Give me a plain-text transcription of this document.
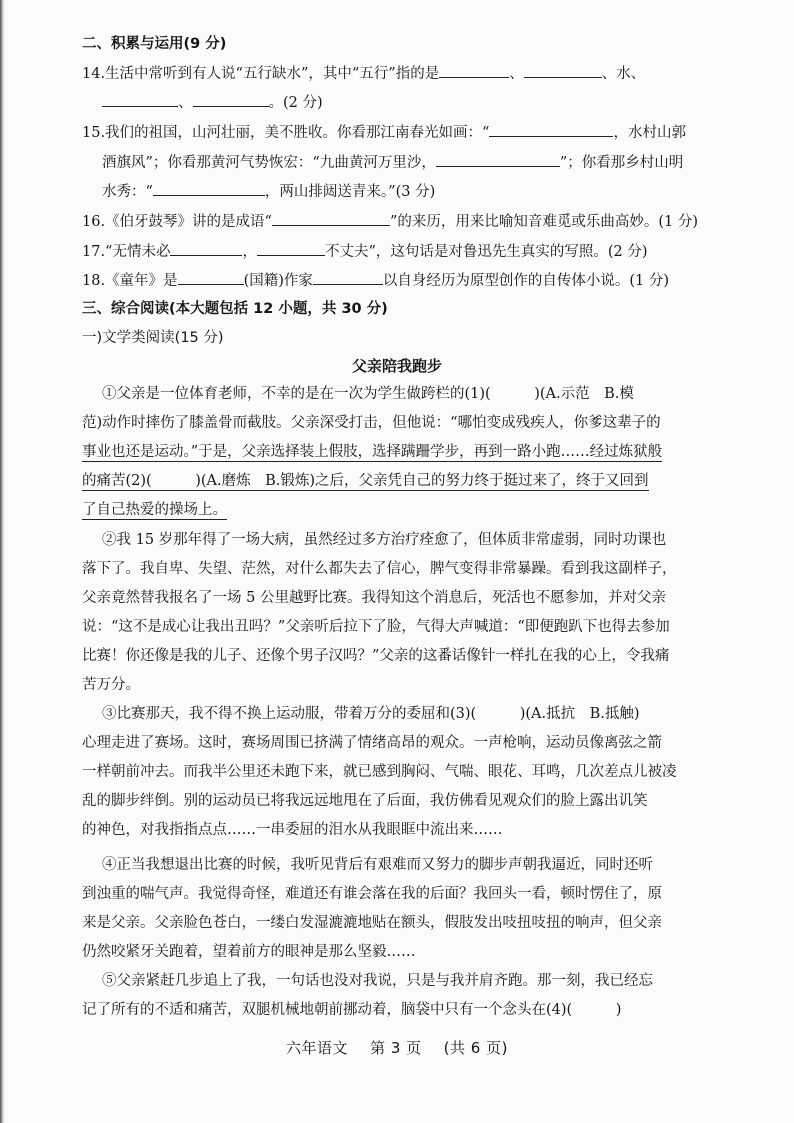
二、积累与运用(9 分)
14.生活中常听到有人说“五行缺水”，其中“五行”指的是	、	、水、
、	。(2 分)
15.我们的祖国，山河壮丽，美不胜收。你看那江南春光如画：“	，水村山郭
酒旗风”；你看那黄河气势恢宏：“九曲黄河万里沙，	”；你看那乡村山明
水秀：“	，两山排闼送青来。”(3 分)
16.《伯牙鼓琴》讲的是成语“	”的来历，用来比喻知音难觅或乐曲高妙。(1 分)
17.“无情未必	，	不丈夫”，这句话是对鲁迅先生真实的写照。(2 分)
18.《童年》是	(国籍)作家	以自身经历为原型创作的自传体小说。(1 分)
三、综合阅读(本大题包括 12 小题，共 30 分)
一)文学类阅读(15 分)
父亲陪我跑步
①父亲是一位体育老师，不幸的是在一次为学生做跨栏的(1)(　　　)(A.示范　B.模
范)动作时摔伤了膝盖骨而截肢。父亲深受打击，但他说：“哪怕变成残疾人，你爹这辈子的
事业也还是运动。”于是，父亲选择装上假肢，选择蹒跚学步，再到一路小跑……经过炼狱般
的痛苦(2)(　　　)(A.磨炼　B.锻炼)之后，父亲凭自己的努力终于挺过来了，终于又回到
了自己热爱的操场上。
②我 15 岁那年得了一场大病，虽然经过多方治疗痊愈了，但体质非常虚弱，同时功课也
落下了。我自卑、失望、茫然，对什么都失去了信心，脾气变得非常暴躁。看到我这副样子，
父亲竟然替我报名了一场 5 公里越野比赛。我得知这个消息后，死活也不愿参加，并对父亲
说：“这不是成心让我出丑吗？”父亲听后拉下了脸，气得大声喊道：“即便跑趴下也得去参加
比赛！你还像是我的儿子、还像个男子汉吗？”父亲的这番话像针一样扎在我的心上，令我痛
苦万分。
③比赛那天，我不得不换上运动服，带着万分的委屈和(3)(　　　)(A.抵抗　B.抵触)
心理走进了赛场。这时，赛场周围已挤满了情绪高昂的观众。一声枪响，运动员像离弦之箭
一样朝前冲去。而我半公里还未跑下来，就已感到胸闷、气喘、眼花、耳鸣，几次差点儿被凌
乱的脚步绊倒。别的运动员已将我远远地甩在了后面，我仿佛看见观众们的脸上露出讥笑
的神色，对我指指点点……一串委屈的泪水从我眼眶中流出来……
④正当我想退出比赛的时候，我听见背后有艰难而又努力的脚步声朝我逼近，同时还听
到浊重的喘气声。我觉得奇怪，难道还有谁会落在我的后面？我回头一看，顿时愣住了，原
来是父亲。父亲脸色苍白，一缕白发湿漉漉地贴在额头，假肢发出吱扭吱扭的响声，但父亲
仍然咬紧牙关跑着，望着前方的眼神是那么坚毅……
⑤父亲紧赶几步追上了我，一句话也没对我说，只是与我并肩齐跑。那一刻，我已经忘
记了所有的不适和痛苦，双腿机械地朝前挪动着，脑袋中只有一个念头在(4)(　　　)
六年语文 第 3 页 (共 6 页)
